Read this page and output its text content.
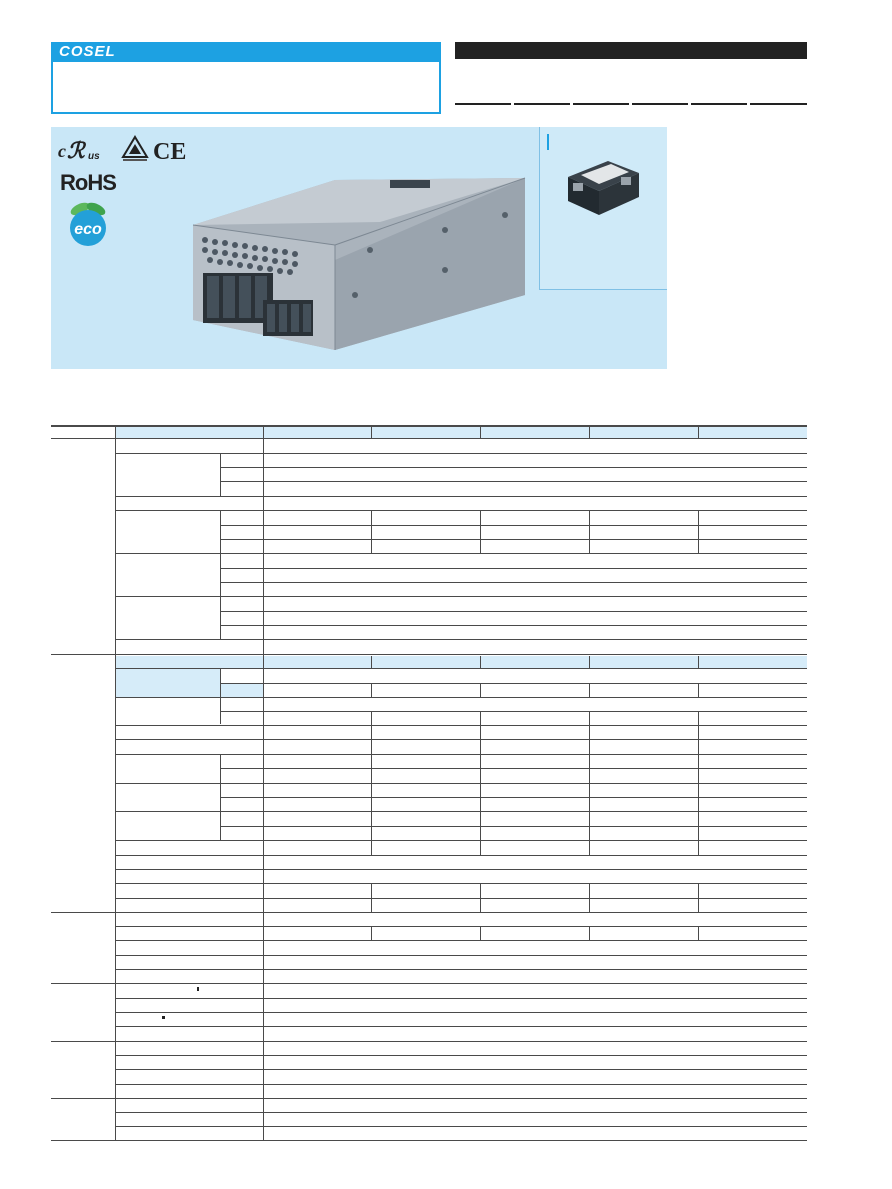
COSEL
c ℛ us CE
RoHS
eco
